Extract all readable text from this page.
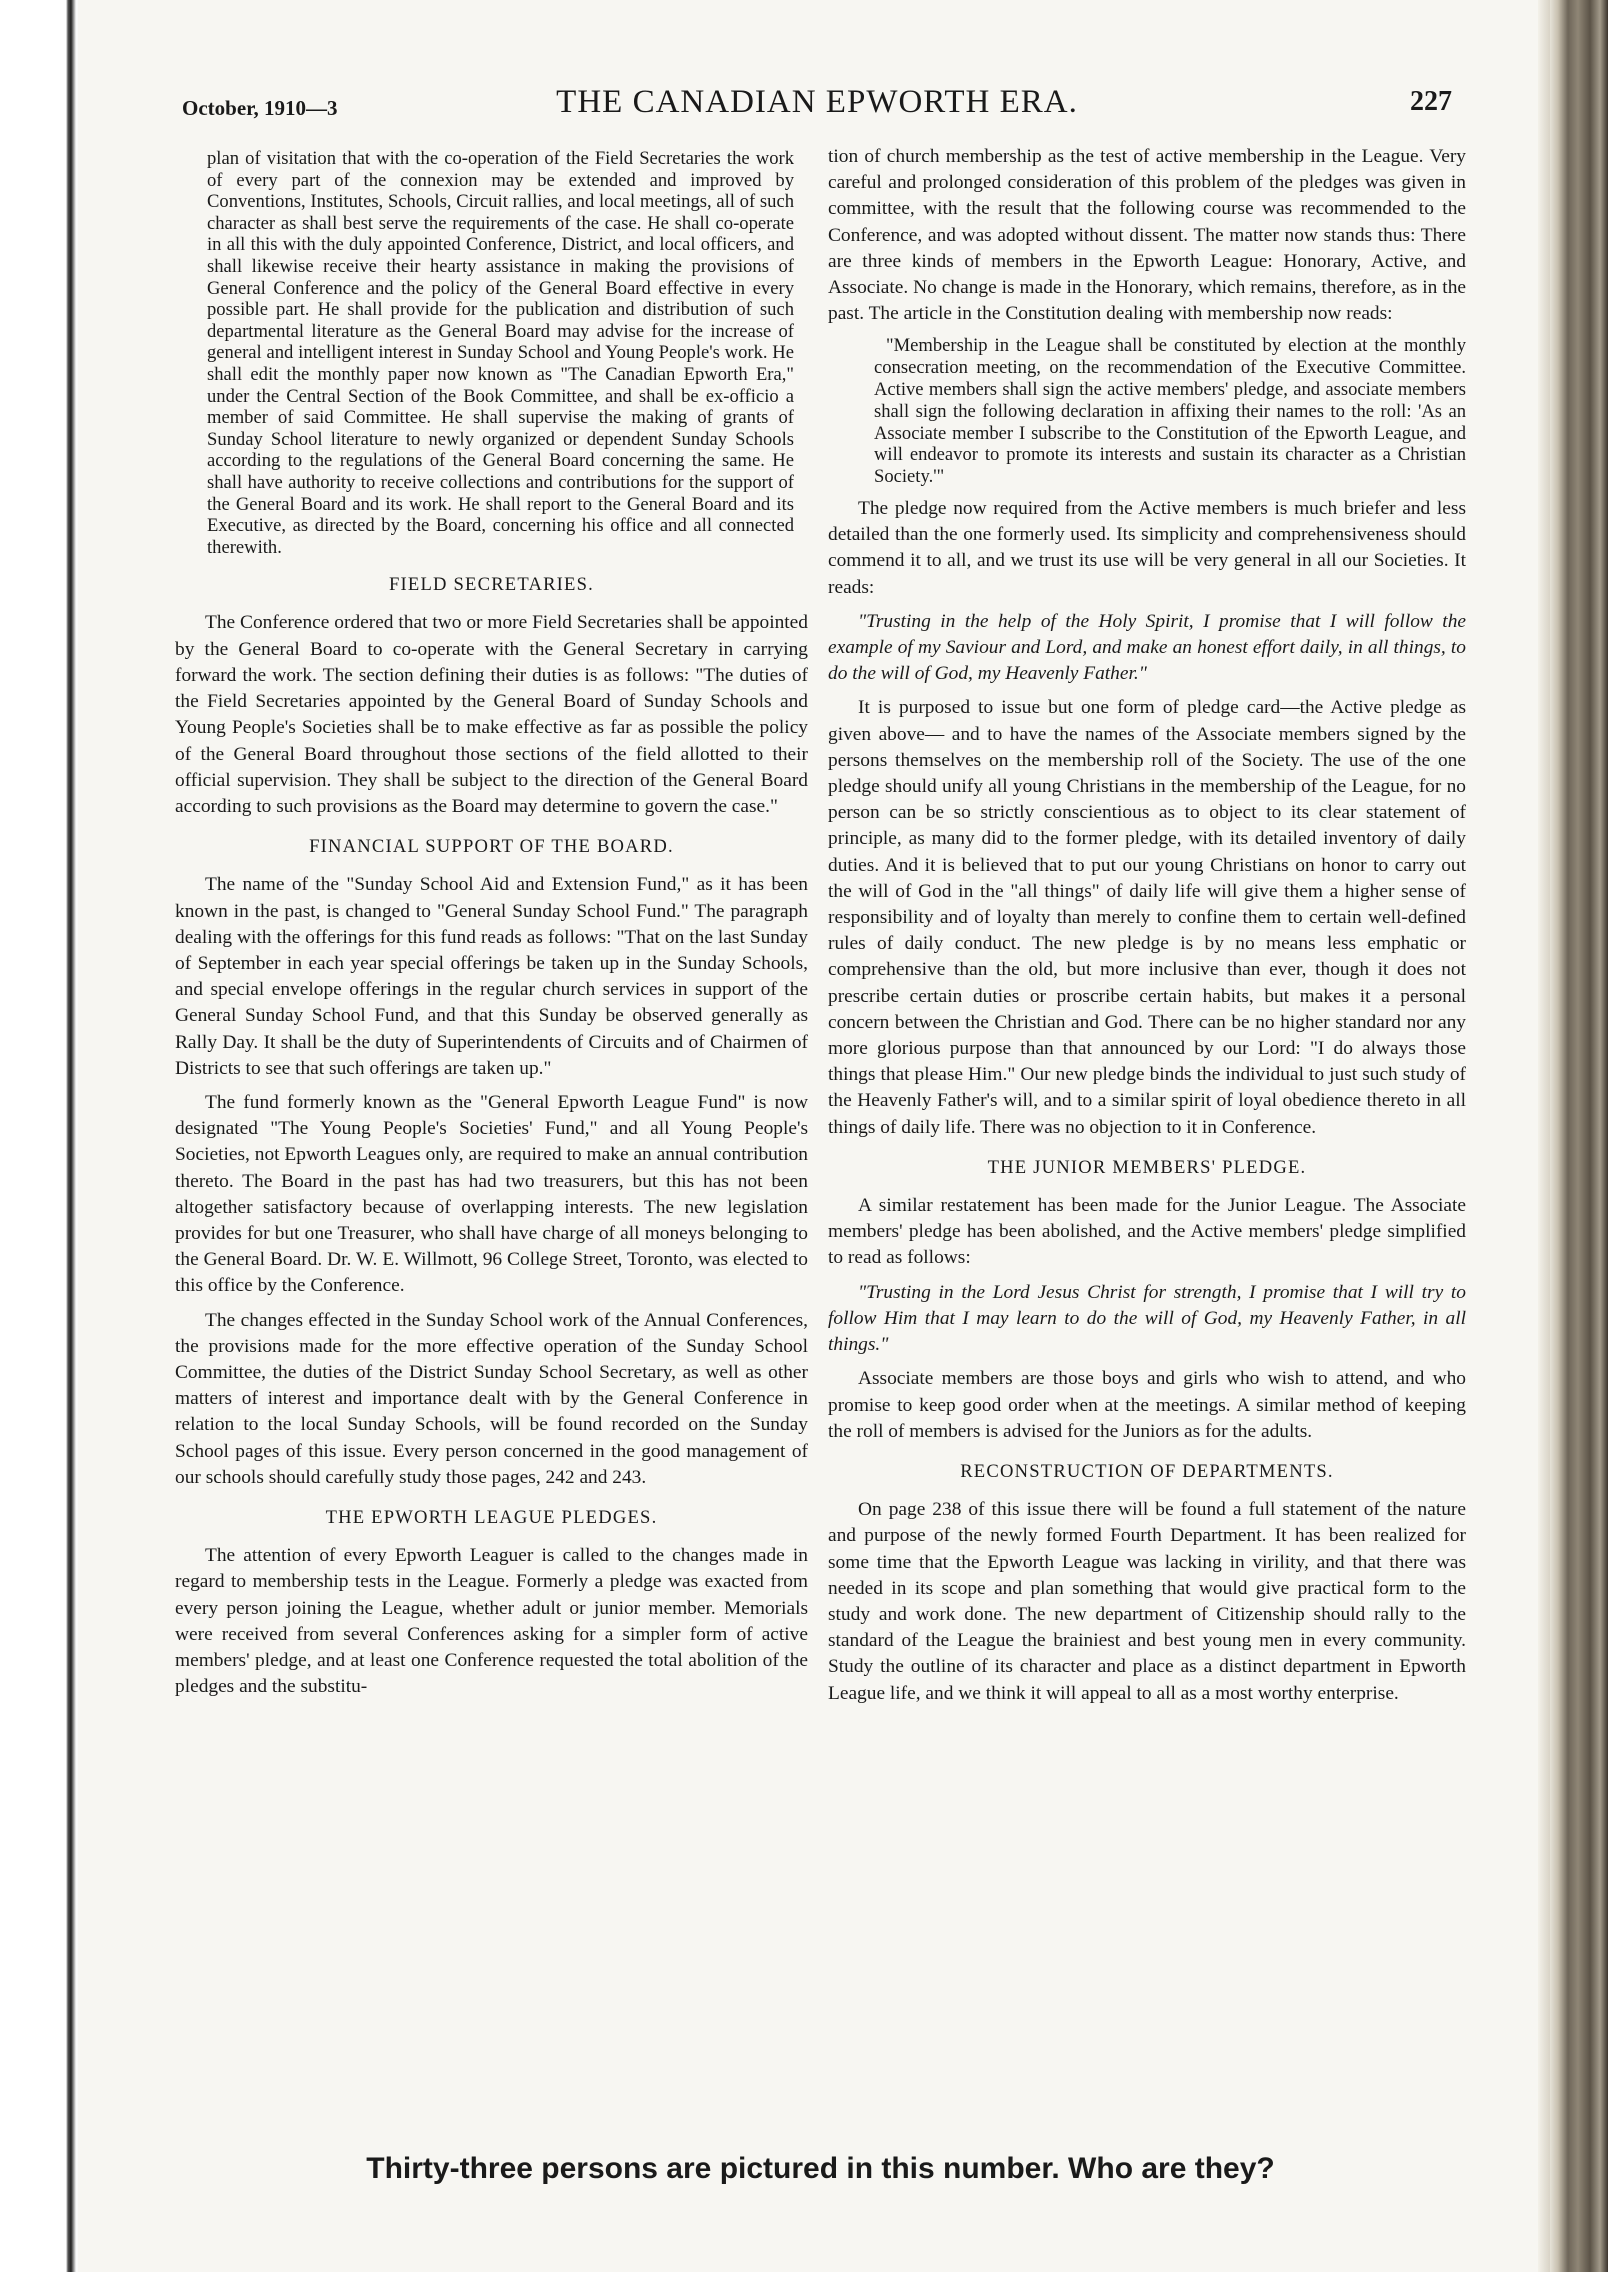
October, 1910—3	THE CANADIAN EPWORTH ERA.	227

plan of visitation that with the co-operation of the Field Secretaries the work of every part of the connexion may be extended and improved by Conventions, Institutes, Schools, Circuit rallies, and local meetings, all of such character as shall best serve the requirements of the case. He shall co-operate in all this with the duly appointed Conference, District, and local officers, and shall likewise receive their hearty assistance in making the provisions of General Conference and the policy of the General Board effective in every possible part. He shall provide for the publication and distribution of such departmental literature as the General Board may advise for the increase of general and intelligent interest in Sunday School and Young People's work. He shall edit the monthly paper now known as "The Canadian Epworth Era," under the Central Section of the Book Committee, and shall be ex-officio a member of said Committee. He shall supervise the making of grants of Sunday School literature to newly organized or dependent Sunday Schools according to the regulations of the General Board concerning the same. He shall have authority to receive collections and contributions for the support of the General Board and its work. He shall report to the General Board and its Executive, as directed by the Board, concerning his office and all connected therewith.

FIELD SECRETARIES.

The Conference ordered that two or more Field Secretaries shall be appointed by the General Board to co-operate with the General Secretary in carrying forward the work. The section defining their duties is as follows: "The duties of the Field Secretaries appointed by the General Board of Sunday Schools and Young People's Societies shall be to make effective as far as possible the policy of the General Board throughout those sections of the field allotted to their official supervision. They shall be subject to the direction of the General Board according to such provisions as the Board may determine to govern the case."

FINANCIAL SUPPORT OF THE BOARD.

The name of the "Sunday School Aid and Extension Fund," as it has been known in the past, is changed to "General Sunday School Fund." The paragraph dealing with the offerings for this fund reads as follows: "That on the last Sunday of September in each year special offerings be taken up in the Sunday Schools, and special envelope offerings in the regular church services in support of the General Sunday School Fund, and that this Sunday be observed generally as Rally Day. It shall be the duty of Superintendents of Circuits and of Chairmen of Districts to see that such offerings are taken up."

The fund formerly known as the "General Epworth League Fund" is now designated "The Young People's Societies' Fund," and all Young People's Societies, not Epworth Leagues only, are required to make an annual contribution thereto. The Board in the past has had two treasurers, but this has not been altogether satisfactory because of overlapping interests. The new legislation provides for but one Treasurer, who shall have charge of all moneys belonging to the General Board. Dr. W. E. Willmott, 96 College Street, Toronto, was elected to this office by the Conference.

The changes effected in the Sunday School work of the Annual Conferences, the provisions made for the more effective operation of the Sunday School Committee, the duties of the District Sunday School Secretary, as well as other matters of interest and importance dealt with by the General Conference in relation to the local Sunday Schools, will be found recorded on the Sunday School pages of this issue. Every person concerned in the good management of our schools should carefully study those pages, 242 and 243.

THE EPWORTH LEAGUE PLEDGES.

The attention of every Epworth Leaguer is called to the changes made in regard to membership tests in the League. Formerly a pledge was exacted from every person joining the League, whether adult or junior member. Memorials were received from several Conferences asking for a simpler form of active members' pledge, and at least one Conference requested the total abolition of the pledges and the substitu-

tion of church membership as the test of active membership in the League. Very careful and prolonged consideration of this problem of the pledges was given in committee, with the result that the following course was recommended to the Conference, and was adopted without dissent. The matter now stands thus: There are three kinds of members in the Epworth League: Honorary, Active, and Associate. No change is made in the Honorary, which remains, therefore, as in the past. The article in the Constitution dealing with membership now reads:

"Membership in the League shall be constituted by election at the monthly consecration meeting, on the recommendation of the Executive Committee. Active members shall sign the active members' pledge, and associate members shall sign the following declaration in affixing their names to the roll: 'As an Associate member I subscribe to the Constitution of the Epworth League, and will endeavor to promote its interests and sustain its character as a Christian Society.'"

The pledge now required from the Active members is much briefer and less detailed than the one formerly used. Its simplicity and comprehensiveness should commend it to all, and we trust its use will be very general in all our Societies. It reads:

"Trusting in the help of the Holy Spirit, I promise that I will follow the example of my Saviour and Lord, and make an honest effort daily, in all things, to do the will of God, my Heavenly Father."

It is purposed to issue but one form of pledge card—the Active pledge as given above— and to have the names of the Associate members signed by the persons themselves on the membership roll of the Society. The use of the one pledge should unify all young Christians in the membership of the League, for no person can be so strictly conscientious as to object to its clear statement of principle, as many did to the former pledge, with its detailed inventory of daily duties. And it is believed that to put our young Christians on honor to carry out the will of God in the "all things" of daily life will give them a higher sense of responsibility and of loyalty than merely to confine them to certain well-defined rules of daily conduct. The new pledge is by no means less emphatic or comprehensive than the old, but more inclusive than ever, though it does not prescribe certain duties or proscribe certain habits, but makes it a personal concern between the Christian and God. There can be no higher standard nor any more glorious purpose than that announced by our Lord: "I do always those things that please Him." Our new pledge binds the individual to just such study of the Heavenly Father's will, and to a similar spirit of loyal obedience thereto in all things of daily life. There was no objection to it in Conference.

THE JUNIOR MEMBERS' PLEDGE.

A similar restatement has been made for the Junior League. The Associate members' pledge has been abolished, and the Active members' pledge simplified to read as follows:

"Trusting in the Lord Jesus Christ for strength, I promise that I will try to follow Him that I may learn to do the will of God, my Heavenly Father, in all things."

Associate members are those boys and girls who wish to attend, and who promise to keep good order when at the meetings. A similar method of keeping the roll of members is advised for the Juniors as for the adults.

RECONSTRUCTION OF DEPARTMENTS.

On page 238 of this issue there will be found a full statement of the nature and purpose of the newly formed Fourth Department. It has been realized for some time that the Epworth League was lacking in virility, and that there was needed in its scope and plan something that would give practical form to the study and work done. The new department of Citizenship should rally to the standard of the League the brainiest and best young men in every community. Study the outline of its character and place as a distinct department in Epworth League life, and we think it will appeal to all as a most worthy enterprise.

Thirty-three persons are pictured in this number. Who are they?
